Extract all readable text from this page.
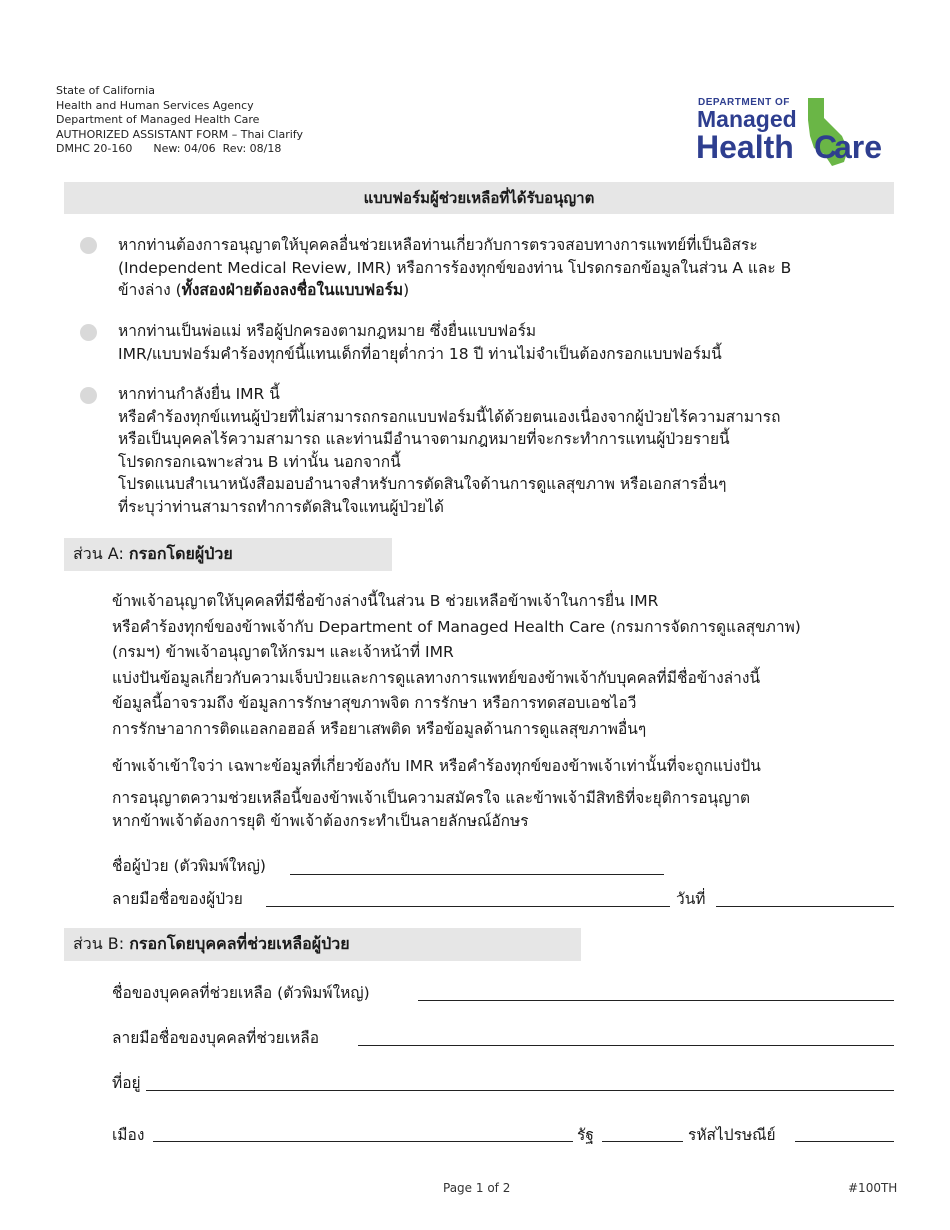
State of California
Health and Human Services Agency
Department of Managed Health Care
AUTHORIZED ASSISTANT FORM – Thai Clarify
DMHC 20-160      New: 04/06  Rev: 08/18
DEPARTMENT OF
Managed
Health C
are
แบบฟอร์มผู้ช่วยเหลือที่ได้รับอนุญาต
หากท่านต้องการอนุญาตให้บุคคลอื่นช่วยเหลือท่านเกี่ยวกับการตรวจสอบทางการแพทย์ที่เป็นอิสระ
(Independent Medical Review, IMR) หรือการร้องทุกข์ของท่าน โปรดกรอกข้อมูลในส่วน A และ B
ข้างล่าง (ทั้งสองฝ่ายต้องลงชื่อในแบบฟอร์ม)
หากท่านเป็นพ่อแม่ หรือผู้ปกครองตามกฎหมาย ซึ่งยื่นแบบฟอร์ม
IMR/แบบฟอร์มคำร้องทุกข์นี้แทนเด็กที่อายุต่ำกว่า 18 ปี ท่านไม่จำเป็นต้องกรอกแบบฟอร์มนี้
หากท่านกำลังยื่น IMR นี้
หรือคำร้องทุกข์แทนผู้ป่วยที่ไม่สามารถกรอกแบบฟอร์มนี้ได้ด้วยตนเองเนื่องจากผู้ป่วยไร้ความสามารถ
หรือเป็นบุคคลไร้ความสามารถ และท่านมีอำนาจตามกฎหมายที่จะกระทำการแทนผู้ป่วยรายนี้
โปรดกรอกเฉพาะส่วน B เท่านั้น นอกจากนี้
โปรดแนบสำเนาหนังสือมอบอำนาจสำหรับการตัดสินใจด้านการดูแลสุขภาพ หรือเอกสารอื่นๆ
ที่ระบุว่าท่านสามารถทำการตัดสินใจแทนผู้ป่วยได้
ส่วน A: กรอกโดยผู้ป่วย
ข้าพเจ้าอนุญาตให้บุคคลที่มีชื่อข้างล่างนี้ในส่วน B ช่วยเหลือข้าพเจ้าในการยื่น IMR
หรือคำร้องทุกข์ของข้าพเจ้ากับ Department of Managed Health Care (กรมการจัดการดูแลสุขภาพ)
(กรมฯ) ข้าพเจ้าอนุญาตให้กรมฯ และเจ้าหน้าที่ IMR
แบ่งปันข้อมูลเกี่ยวกับความเจ็บป่วยและการดูแลทางการแพทย์ของข้าพเจ้ากับบุคคลที่มีชื่อข้างล่างนี้
ข้อมูลนี้อาจรวมถึง ข้อมูลการรักษาสุขภาพจิต การรักษา หรือการทดสอบเอชไอวี
การรักษาอาการติดแอลกอฮอล์ หรือยาเสพติด หรือข้อมูลด้านการดูแลสุขภาพอื่นๆ
ข้าพเจ้าเข้าใจว่า เฉพาะข้อมูลที่เกี่ยวข้องกับ IMR หรือคำร้องทุกข์ของข้าพเจ้าเท่านั้นที่จะถูกแบ่งปัน
การอนุญาตความช่วยเหลือนี้ของข้าพเจ้าเป็นความสมัครใจ และข้าพเจ้ามีสิทธิที่จะยุติการอนุญาต
หากข้าพเจ้าต้องการยุติ ข้าพเจ้าต้องกระทำเป็นลายลักษณ์อักษร
ชื่อผู้ป่วย (ตัวพิมพ์ใหญ่)
ลายมือชื่อของผู้ป่วย	วันที่
ส่วน B: กรอกโดยบุคคลที่ช่วยเหลือผู้ป่วย
ชื่อของบุคคลที่ช่วยเหลือ (ตัวพิมพ์ใหญ่)
ลายมือชื่อของบุคคลที่ช่วยเหลือ
ที่อยู่
เมือง	รัฐ	รหัสไปรษณีย์
Page 1 of 2	#100TH
